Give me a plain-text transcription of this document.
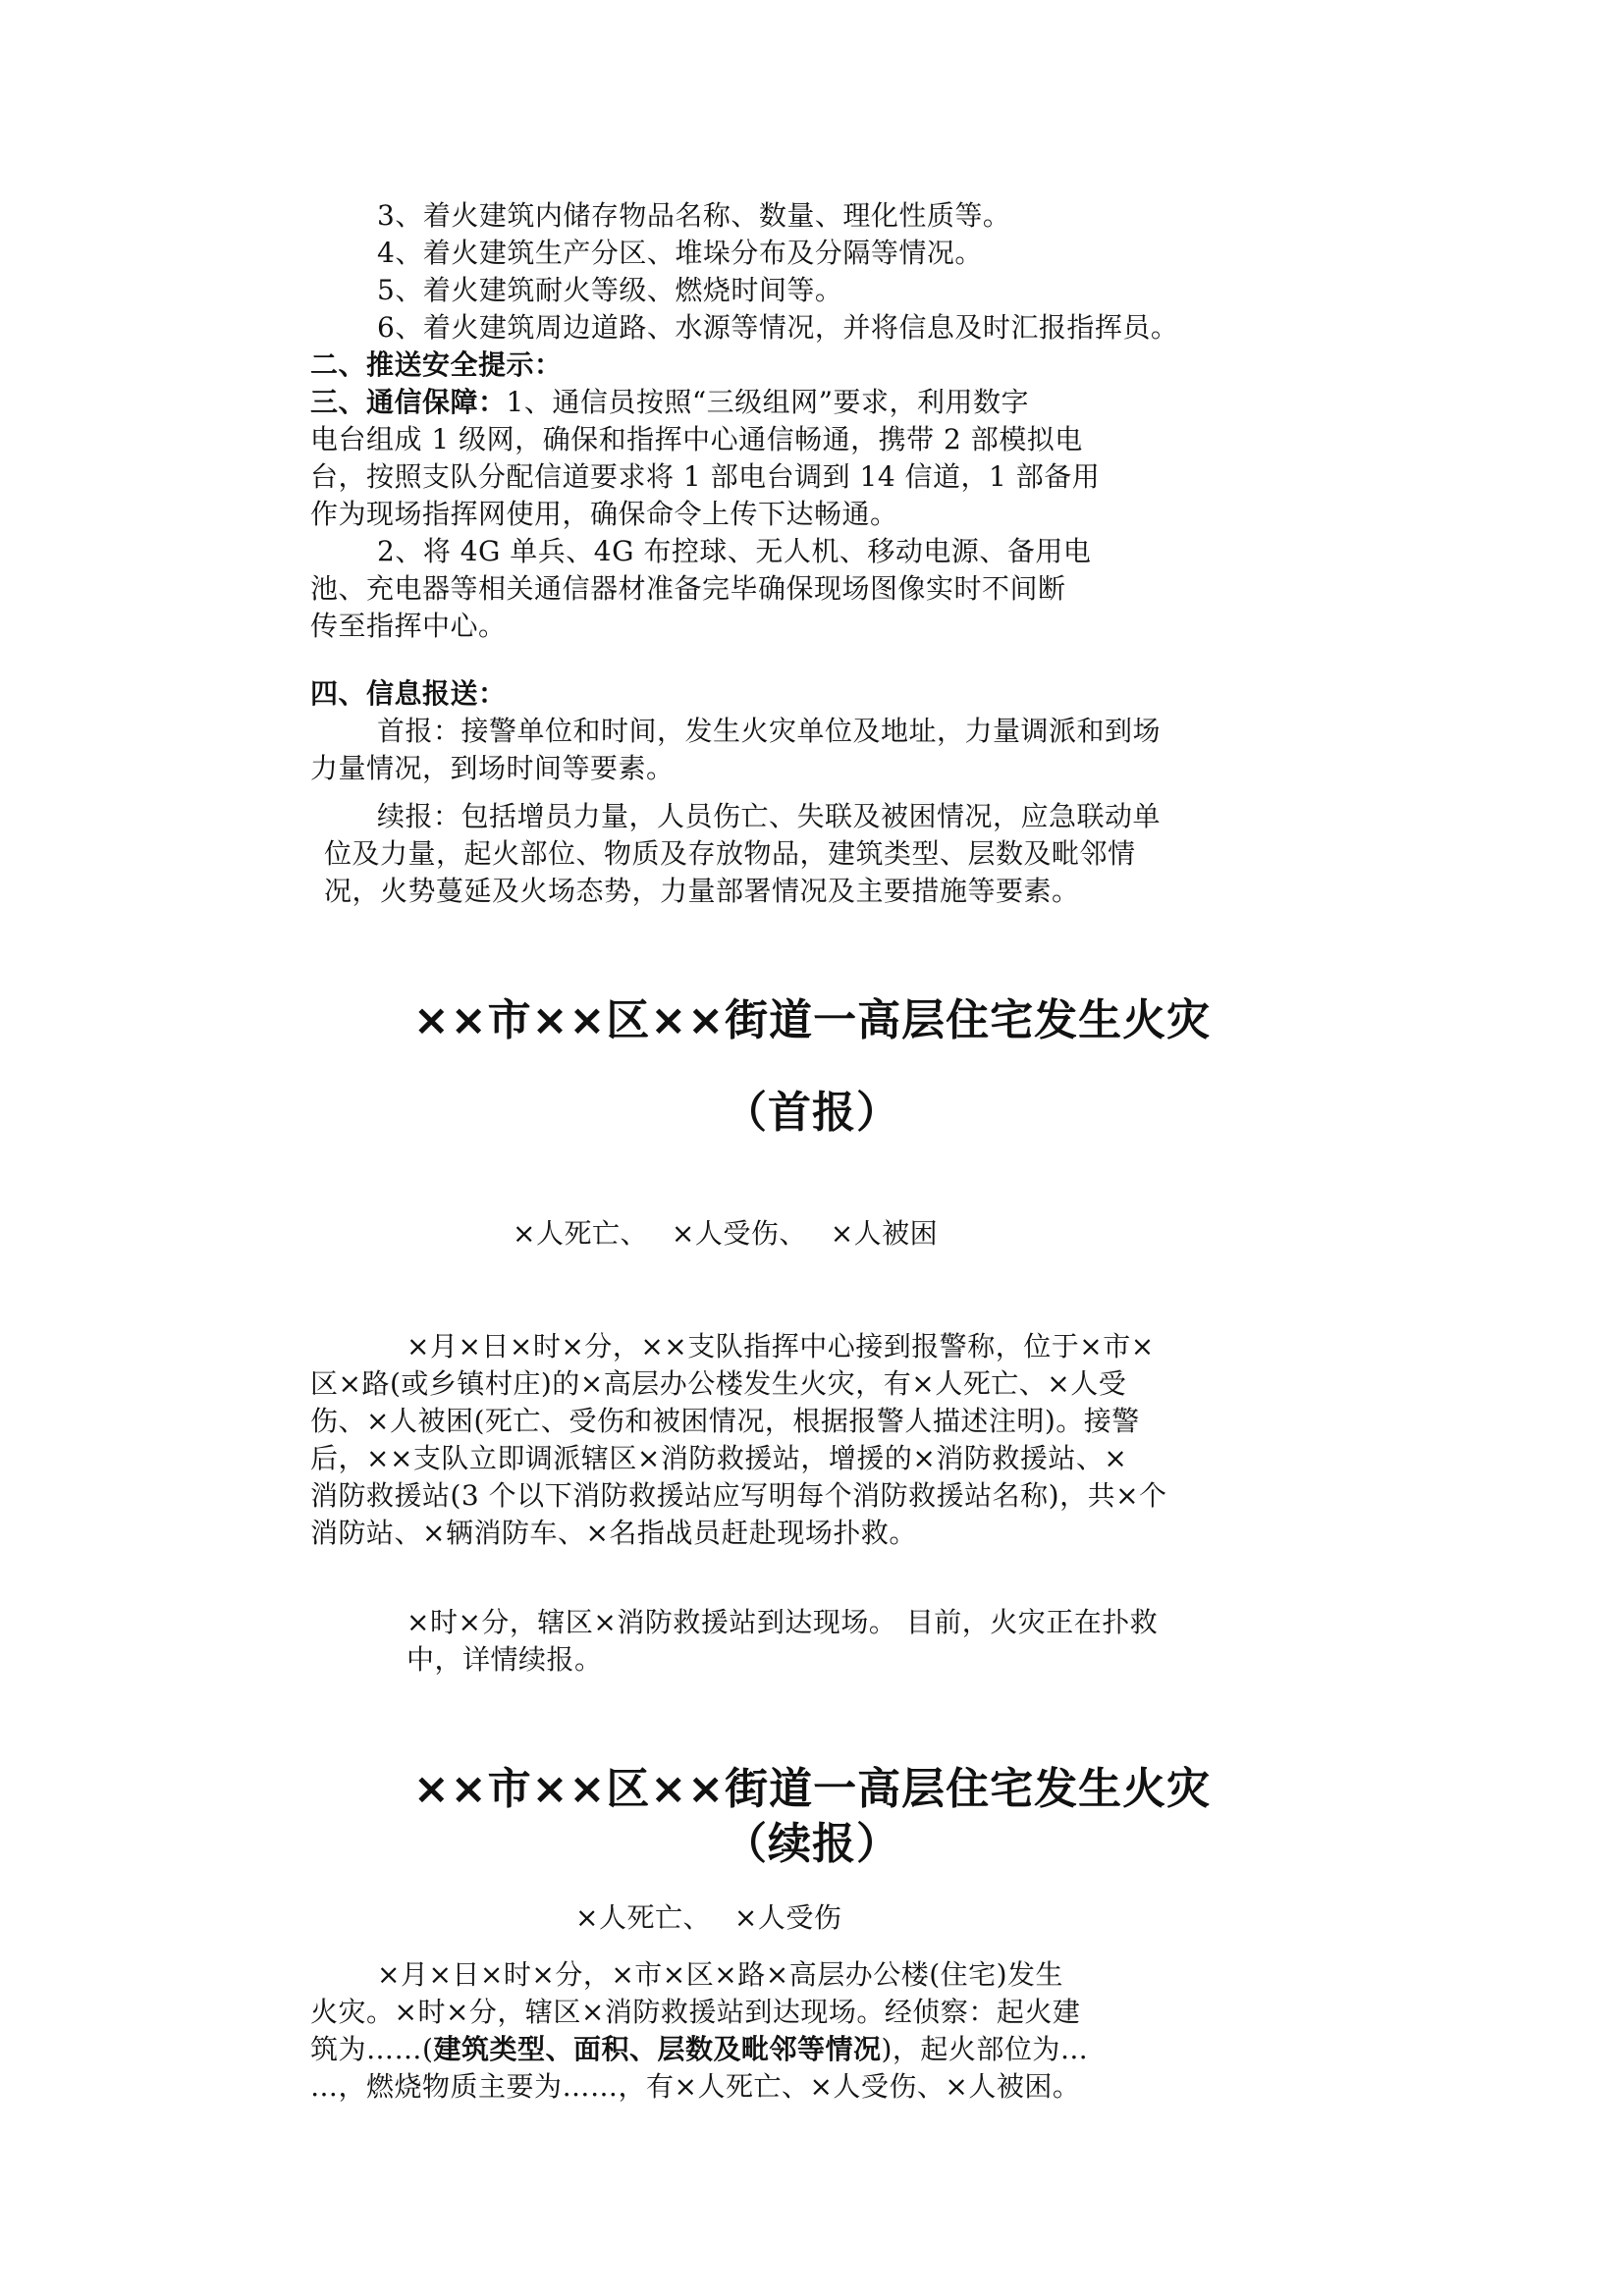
3、着火建筑内储存物品名称、数量、理化性质等。
4、着火建筑生产分区、堆垛分布及分隔等情况。
5、着火建筑耐火等级、燃烧时间等。
6、着火建筑周边道路、水源等情况，并将信息及时汇报指挥员。
二、推送安全提示：
三、通信保障：1、通信员按照“三级组网”要求，利用数字
电台组成 1 级网，确保和指挥中心通信畅通，携带 2 部模拟电
台，按照支队分配信道要求将 1 部电台调到 14 信道，1 部备用
作为现场指挥网使用，确保命令上传下达畅通。
2、将 4G 单兵、4G 布控球、无人机、移动电源、备用电
池、充电器等相关通信器材准备完毕确保现场图像实时不间断
传至指挥中心。
四、信息报送：
首报：接警单位和时间，发生火灾单位及地址，力量调派和到场
力量情况，到场时间等要素。
续报：包括增员力量，人员伤亡、失联及被困情况，应急联动单
位及力量，起火部位、物质及存放物品，建筑类型、层数及毗邻情
况，火势蔓延及火场态势，力量部署情况及主要措施等要素。
××市××区××街道一高层住宅发生火灾
（首报）
×人死亡、　 ×人受伤、　 ×人被困
×月×日×时×分，××支队指挥中心接到报警称，位于×市×
区×路(或乡镇村庄)的×高层办公楼发生火灾，有×人死亡、×人受
伤、×人被困(死亡、受伤和被困情况，根据报警人描述注明)。接警
后，××支队立即调派辖区×消防救援站，增援的×消防救援站、×
消防救援站(3 个以下消防救援站应写明每个消防救援站名称)，共×个
消防站、×辆消防车、×名指战员赶赴现场扑救。
×时×分，辖区×消防救援站到达现场。 目前，火灾正在扑救
中，详情续报。
××市××区××街道一高层住宅发生火灾
（续报）
×人死亡、　 ×人受伤
×月×日×时×分，×市×区×路×高层办公楼(住宅)发生
火灾。×时×分，辖区×消防救援站到达现场。经侦察：起火建
筑为……(建筑类型、面积、层数及毗邻等情况)，起火部位为…
…，燃烧物质主要为……，有×人死亡、×人受伤、×人被困。
